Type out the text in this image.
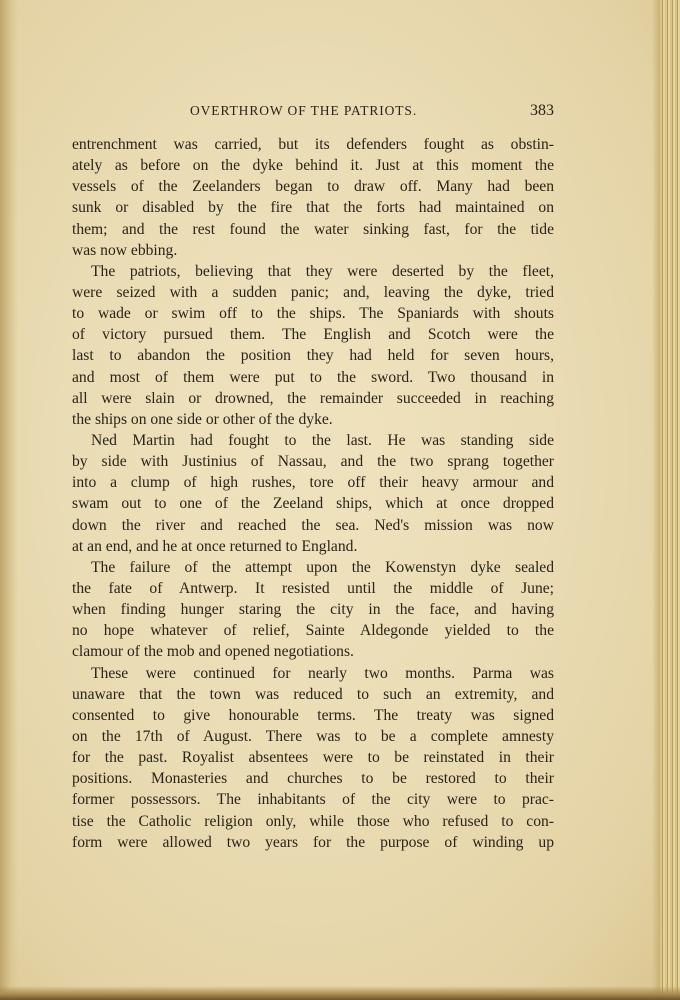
OVERTHROW OF THE PATRIOTS.	383
entrenchment was carried, but its defenders fought as obstin-
ately as before on the dyke behind it. Just at this moment the
vessels of the Zeelanders began to draw off. Many had been
sunk or disabled by the fire that the forts had maintained on
them; and the rest found the water sinking fast, for the tide
was now ebbing.
The patriots, believing that they were deserted by the fleet,
were seized with a sudden panic; and, leaving the dyke, tried
to wade or swim off to the ships. The Spaniards with shouts
of victory pursued them. The English and Scotch were the
last to abandon the position they had held for seven hours,
and most of them were put to the sword. Two thousand in
all were slain or drowned, the remainder succeeded in reaching
the ships on one side or other of the dyke.
Ned Martin had fought to the last. He was standing side
by side with Justinius of Nassau, and the two sprang together
into a clump of high rushes, tore off their heavy armour and
swam out to one of the Zeeland ships, which at once dropped
down the river and reached the sea. Ned's mission was now
at an end, and he at once returned to England.
The failure of the attempt upon the Kowenstyn dyke sealed
the fate of Antwerp. It resisted until the middle of June;
when finding hunger staring the city in the face, and having
no hope whatever of relief, Sainte Aldegonde yielded to the
clamour of the mob and opened negotiations.
These were continued for nearly two months. Parma was
unaware that the town was reduced to such an extremity, and
consented to give honourable terms. The treaty was signed
on the 17th of August. There was to be a complete amnesty
for the past. Royalist absentees were to be reinstated in their
positions. Monasteries and churches to be restored to their
former possessors. The inhabitants of the city were to prac-
tise the Catholic religion only, while those who refused to con-
form were allowed two years for the purpose of winding up
